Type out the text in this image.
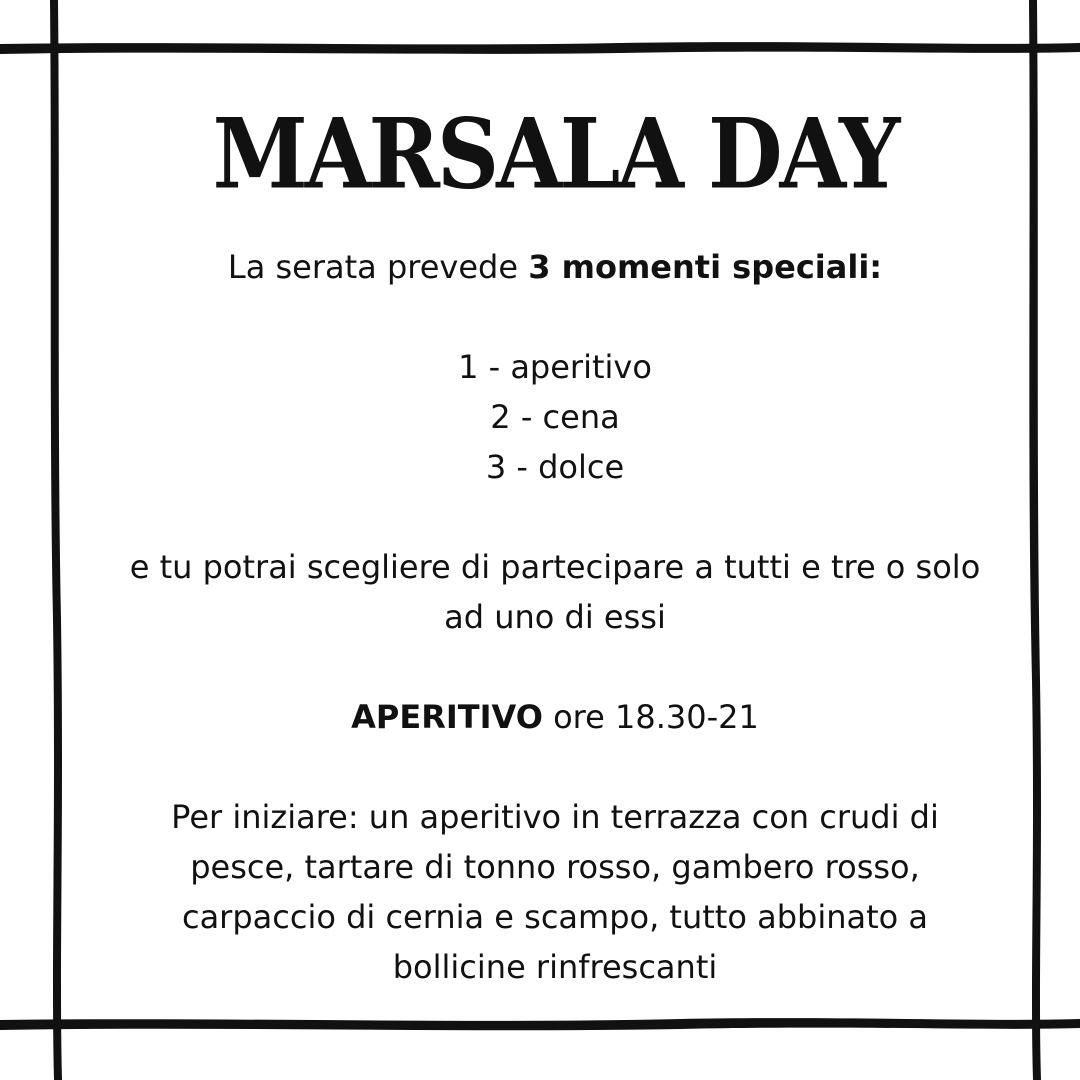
MARSALA DAY

La serata prevede 3 momenti speciali:

1 - aperitivo
2 - cena
3 - dolce

e tu potrai scegliere di partecipare a tutti e tre o solo ad uno di essi

APERITIVO ore 18.30-21

Per iniziare: un aperitivo in terrazza con crudi di pesce, tartare di tonno rosso, gambero rosso, carpaccio di cernia e scampo, tutto abbinato a bollicine rinfrescanti
